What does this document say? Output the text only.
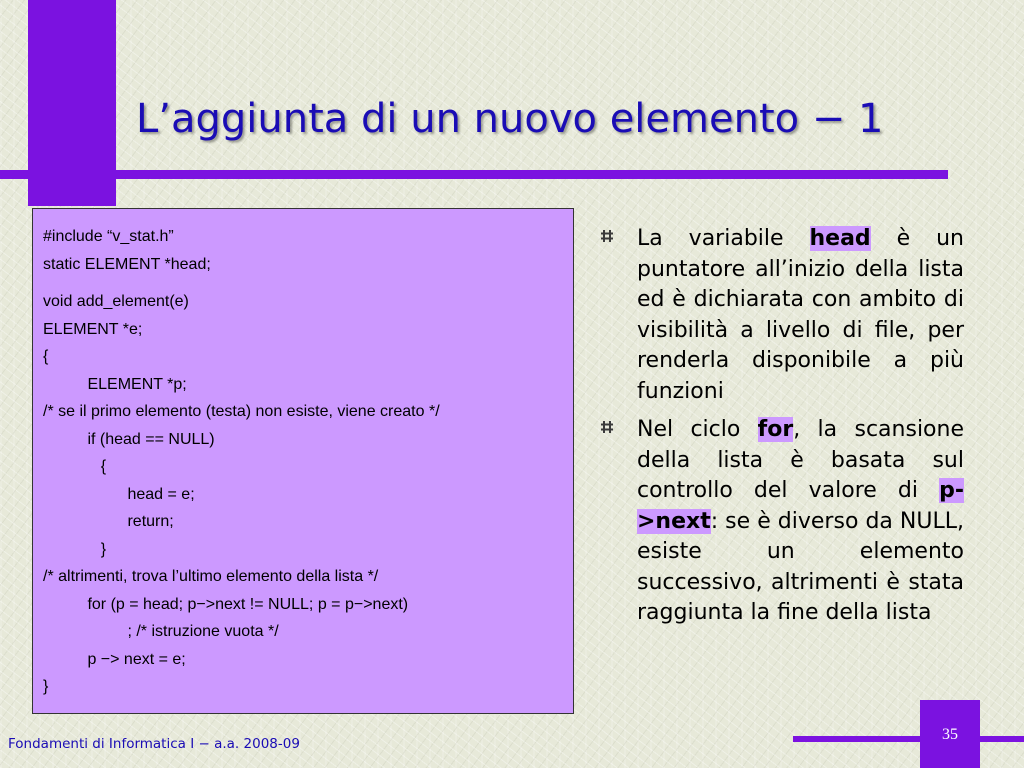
L’aggiunta di un nuovo elemento − 1
#include “v_stat.h”
static ELEMENT *head;
void add_element(e)
ELEMENT *e;
{
	ELEMENT *p;
/* se il primo elemento (testa) non esiste, viene creato */
	if (head == NULL)
	{
		head = e;
		return;
	}
/* altrimenti, trova l’ultimo elemento della lista */
	for (p = head; p−>next != NULL; p = p−>next)
		; /* istruzione vuota */
	p −> next = e;
}
La variabile head è un puntatore all’inizio della lista ed è dichiarata con ambito di visibilità a livello di file, per renderla disponibile a più funzioni
Nel ciclo for, la scansione della lista è basata sul controllo del valore di p->next: se è diverso da NULL, esiste un elemento successivo, altrimenti è stata raggiunta la fine della lista
Fondamenti di Informatica I − a.a. 2008-09
35
